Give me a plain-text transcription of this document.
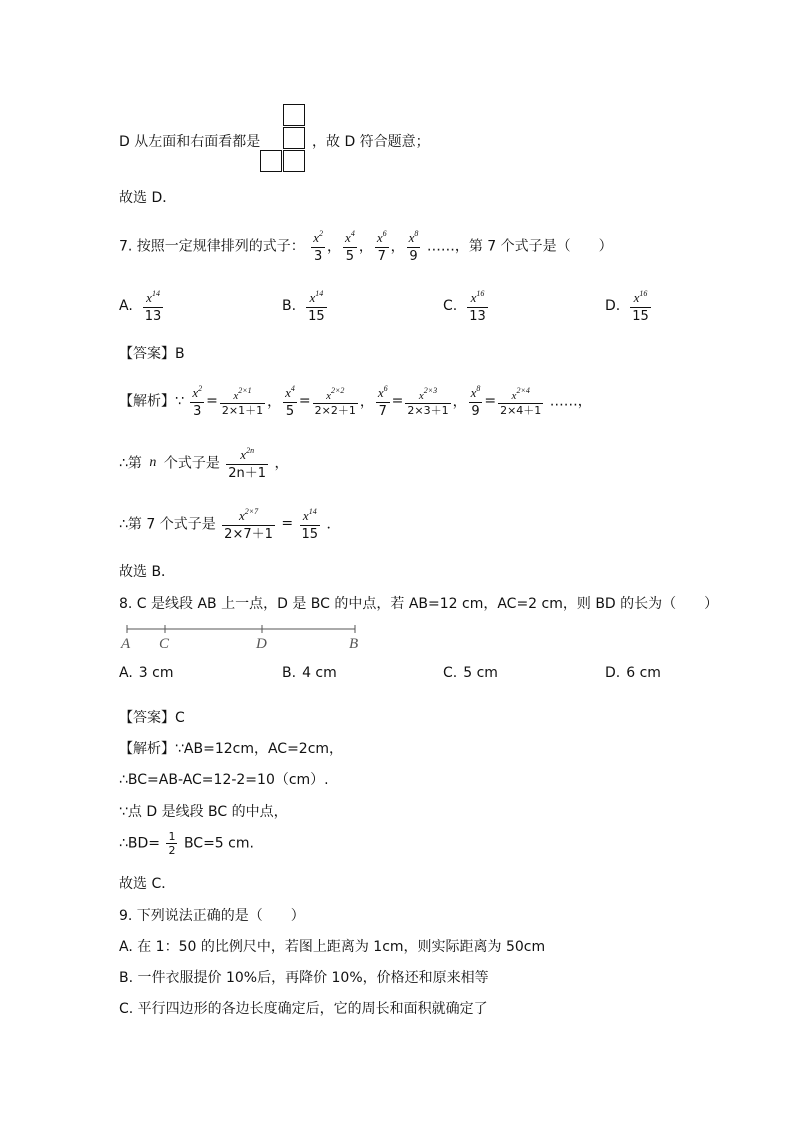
D 从左面和右面看都是	，故 D 符合题意；
故选 D．
7. 按照一定规律排列的式子： $\frac{x^2}{3}$ ， $\frac{x^4}{5}$ ， $\frac{x^6}{7}$ ， $\frac{x^8}{9}$ ……，第 7 个式子是（　　）
A. $\frac{x^{14}}{13}$	B. $\frac{x^{14}}{15}$	C. $\frac{x^{16}}{13}$	D. $\frac{x^{16}}{15}$
【答案】B
【解析】∵ $\frac{x^2}{3} = \frac{x^{2\times 1}}{2\times 1+1}$ ， $\frac{x^4}{5} = \frac{x^{2\times 2}}{2\times 2+1}$ ， $\frac{x^6}{7} = \frac{x^{2\times 3}}{2\times 3+1}$ ， $\frac{x^8}{9} = \frac{x^{2\times 4}}{2\times 4+1}$ ……，
∴第 n 个式子是 $\frac{x^{2n}}{2n+1}$ ，
∴第 7 个式子是 $\frac{x^{2\times 7}}{2\times 7+1} = \frac{x^{14}}{15}$ ．
故选 B．
8. C 是线段 AB 上一点，D 是 BC 的中点，若 AB=12 cm，AC=2 cm，则 BD 的长为（　　）
A C	D	B
A. 3 cm	B. 4 cm	C. 5 cm	D. 6 cm
【答案】C
【解析】∵AB=12cm，AC=2cm，
∴BC=AB-AC=12-2=10（cm）.
∵点 D 是线段 BC 的中点，
∴BD= $\frac{1}{2} BC=5$ cm.
故选 C．
9. 下列说法正确的是（　　）
A. 在 1：50 的比例尺中，若图上距离为 1cm，则实际距离为 50cm
B. 一件衣服提价 10%后，再降价 10%，价格还和原来相等
C. 平行四边形的各边长度确定后，它的周长和面积就确定了
